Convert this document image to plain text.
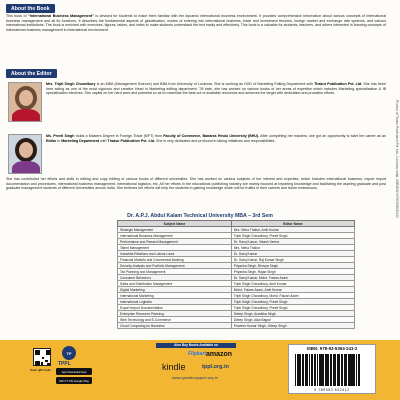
About the Book
This book of “International Business Management” is devised for students to make them familiar with the dynamic international business environment. It provides comprehensive information about various concepts of international business management and all its functions. It describes the fundamental aspects of globalisation, modes of entering into international business, trade and investment theories, foreign market and exchange rate systems, and various international institutions. The book is enriched with exercises, figures, tables, and index to make students understand the text easily and effectively. This book is a valuable for students, teachers, and others interested in learning concepts of international business management in international environment.
About the Editor
Mrs. Tripti Singh Chowdhury is an MBA (Management Science) and BBA from University of Lucknow. She is working as HOD of Marketing Editing Department with Thakur Publication Pvt. Ltd. She has been here acting as one of the most vigorous and creative Head in Marketing editing department. Till date, she has worked on various books of her areas of expertise which includes Marketing specialisation & IB specialisation electives. She capital on her hard work and potential so as to maximise the best out of available resources and achieves the target with dedication and proactive efforts.
Ms. Preeti Singh holds a Masters Degree in Foreign Trade (MFT) from Faculty of Commerce, Banaras Hindu University (BHU). After completing her masters, she got an opportunity to start her career as an Editor in Marketing Department with Thakur Publication Pvt. Ltd. She is very dedicated and profound in taking initiatives and responsibilities.
She has contributed her efforts and skills in editing and copy editing of various books of different universities. She has worked on various subjects of her interest and expertise, which includes international business, export import documentation and procedures, international business management, international logistics, etc. All her efforts in the educational publishing industry are mainly focused at imparting knowledge and facilitating the aspiring graduate and post graduate management students of different Universities across India. She believes her efforts will help the students in gaining knowledge which will be fruitful in their careers and future endeavours.	Product of Thakur Publication Pvt. Ltd., Lucknow, India. ISBN/EAN/9789353632412
Dr. A.P.J. Abdul Kalam Technical University MBA – 3rd Sem
Subject Name	Editor Name
Strategic Management	Mrs. Neha Thakur, Amit Kumar
International Business Management	Tripti Singh Chowdhury, Preeti Singh
Performance and Reward Management	Dr. Saroj Kumar, Vikash Verma
Talent Management	Mrs. Neha Thakur
Industrial Relations and Labour Laws	Dr. Saroj Kumar
Financial Markets and Commercial Banking	Dr. Saroj Kumar, Raj Kumar Singh
Security Analysis and Portfolio Management	Priyanka Singh, Bhuvya Singh
Tax Planning and Management	Priyanka Singh, Rajan Singh
Consumer Behaviour	Dr. Saroj Kumar, Mohd. Faizan Azam
Sales and Distribution Management	Tripti Singh Chowdhury, Amit Kumar
Digital Marketing	Mohd. Faizan Azam, Amit Kumar
International Marketing	Tripti Singh Chowdhury, Mohd. Faizan Azam
International Logistics	Tripti Singh Chowdhury, Preeti Singh
Export Import Documentation	Tripti Singh Chowdhury, Preeti Singh
Enterprise Resource Planning	Dileep Singh, Avantika Singh
Web Technology and E-Commerce	Dileep Singh, Alka Bajpai
Cloud Computing for Business	Praveen Kumar Singh, Dileep Singh
Scan QR Code
TP
TPPL
App Download Now
GET IT ON Google Play
Also Buy Books Available on
Flipkart amazon
kindle	tppl.org.in
www.questionpaper.org.in
ISBN: 978-93-5363-241-2
9 789353 632412
